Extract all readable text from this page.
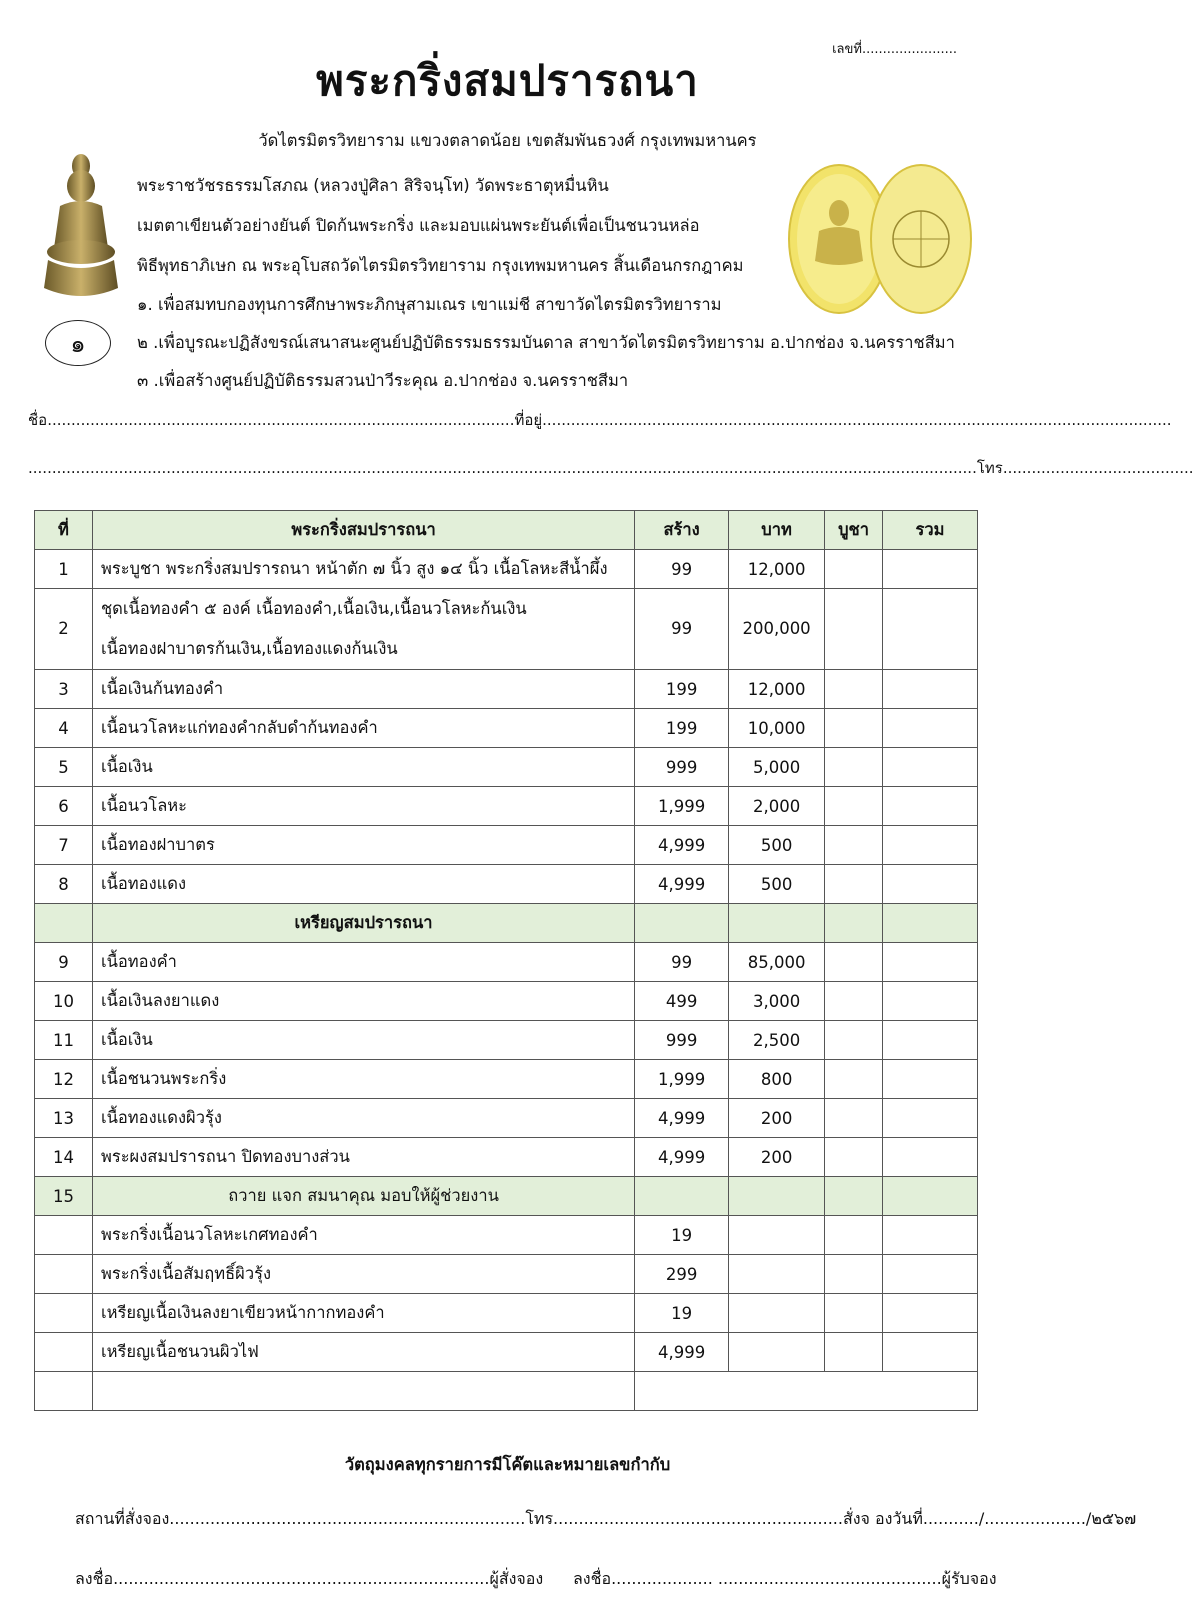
เลขที่.......................
พระกริ่งสมปรารถนา
๑
วัดไตรมิตรวิทยาราม แขวงตลาดน้อย เขตสัมพันธวงศ์ กรุงเทพมหานคร
พระราชวัชรธรรมโสภณ (หลวงปู่ศิลา สิริจนฺโท) วัดพระธาตุหมื่นหิน
เมตตาเขียนตัวอย่างยันต์ ปิดก้นพระกริ่ง และมอบแผ่นพระยันต์เพื่อเป็นชนวนหล่อ
พิธีพุทธาภิเษก ณ พระอุโบสถวัดไตรมิตรวิทยาราม กรุงเทพมหานคร สิ้นเดือนกรกฎาคม
๑. เพื่อสมทบกองทุนการศึกษาพระภิกษุสามเณร เขาแม่ชี สาขาวัดไตรมิตรวิทยาราม
๒ .เพื่อบูรณะปฏิสังขรณ์เสนาสนะศูนย์ปฏิบัติธรรมธรรมบันดาล สาขาวัดไตรมิตรวิทยาราม อ.ปากช่อง จ.นครราชสีมา
๓ .เพื่อสร้างศูนย์ปฏิบัติธรรมสวนป่าวีระคุณ อ.ปากช่อง จ.นครราชสีมา
ชื่อ..................................................................................................ที่อยู่....................................................................................................................................
.......................................................................................................................................................................................................โทร........................................
ที่	พระกริ่งสมปรารถนา	สร้าง	บาท	บูชา	รวม
1	พระบูชา พระกริ่งสมปรารถนา หน้าตัก ๗ นิ้ว สูง ๑๔ นิ้ว เนื้อโลหะสีน้ำผึ้ง	99	12,000		
2	ชุดเนื้อทองคำ ๕ องค์ เนื้อทองคำ,เนื้อเงิน,เนื้อนวโลหะก้นเงิน
เนื้อทองฝาบาตรก้นเงิน,เนื้อทองแดงก้นเงิน	99	200,000		
3	เนื้อเงินก้นทองคำ	199	12,000		
4	เนื้อนวโลหะแก่ทองคำกลับดำก้นทองคำ	199	10,000		
5	เนื้อเงิน	999	5,000		
6	เนื้อนวโลหะ	1,999	2,000		
7	เนื้อทองฝาบาตร	4,999	500		
8	เนื้อทองแดง	4,999	500		
	เหรียญสมปรารถนา				
9	เนื้อทองคำ	99	85,000		
10	เนื้อเงินลงยาแดง	499	3,000		
11	เนื้อเงิน	999	2,500		
12	เนื้อชนวนพระกริ่ง	1,999	800		
13	เนื้อทองแดงผิวรุ้ง	4,999	200		
14	พระผงสมปรารถนา ปิดทองบางส่วน	4,999	200		
15	ถวาย แจก สมนาคุณ มอบให้ผู้ช่วยงาน				
	พระกริ่งเนื้อนวโลหะเกศทองคำ	19			
	พระกริ่งเนื้อสัมฤทธิ์ผิวรุ้ง	299			
	เหรียญเนื้อเงินลงยาเขียวหน้ากากทองคำ	19			
	เหรียญเนื้อชนวนผิวไฟ	4,999			

วัตถุมงคลทุกรายการมีโค๊ตและหมายเลขกำกับ
สถานที่สั่งจอง......................................................................โทร.........................................................สั่งจ องวันที่.........../..................../๒๕๖๗
ลงชื่อ..........................................................................ผู้สั่งจอง ลงชื่อ.................... ............................................ผู้รับจอง
